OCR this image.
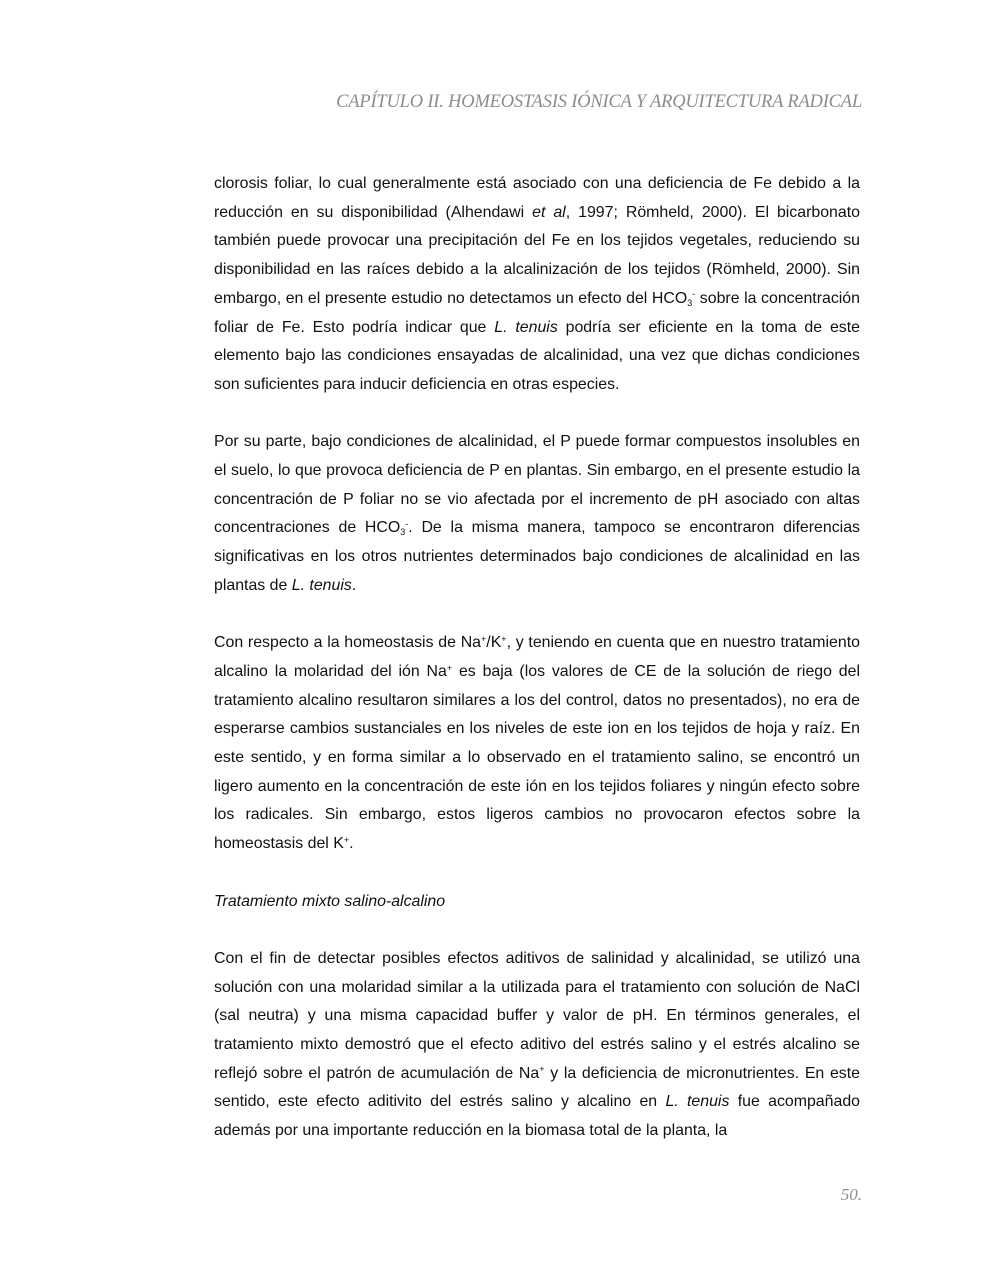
CAPÍTULO II. HOMEOSTASIS IÓNICA Y ARQUITECTURA RADICAL

clorosis foliar, lo cual generalmente está asociado con una deficiencia de Fe debido a la reducción en su disponibilidad (Alhendawi et al, 1997; Römheld, 2000). El bicarbonato también puede provocar una precipitación del Fe en los tejidos vegetales, reduciendo su disponibilidad en las raíces debido a la alcalinización de los tejidos (Römheld, 2000). Sin embargo, en el presente estudio no detectamos un efecto del $HCO_3^-$ sobre la concentración foliar de Fe. Esto podría indicar que L. tenuis podría ser eficiente en la toma de este elemento bajo las condiciones ensayadas de alcalinidad, una vez que dichas condiciones son suficientes para inducir deficiencia en otras especies.

Por su parte, bajo condiciones de alcalinidad, el P puede formar compuestos insolubles en el suelo, lo que provoca deficiencia de P en plantas. Sin embargo, en el presente estudio la concentración de P foliar no se vio afectada por el incremento de pH asociado con altas concentraciones de $HCO_3^-$. De la misma manera, tampoco se encontraron diferencias significativas en los otros nutrientes determinados bajo condiciones de alcalinidad en las plantas de L. tenuis.

Con respecto a la homeostasis de Na+/K+, y teniendo en cuenta que en nuestro tratamiento alcalino la molaridad del ión Na+ es baja (los valores de CE de la solución de riego del tratamiento alcalino resultaron similares a los del control, datos no presentados), no era de esperarse cambios sustanciales en los niveles de este ion en los tejidos de hoja y raíz. En este sentido, y en forma similar a lo observado en el tratamiento salino, se encontró un ligero aumento en la concentración de este ión en los tejidos foliares y ningún efecto sobre los radicales. Sin embargo, estos ligeros cambios no provocaron efectos sobre la homeostasis del K+.

Tratamiento mixto salino-alcalino

Con el fin de detectar posibles efectos aditivos de salinidad y alcalinidad, se utilizó una solución con una molaridad similar a la utilizada para el tratamiento con solución de NaCl (sal neutra) y una misma capacidad buffer y valor de pH. En términos generales, el tratamiento mixto demostró que el efecto aditivo del estrés salino y el estrés alcalino se reflejó sobre el patrón de acumulación de Na+ y la deficiencia de micronutrientes. En este sentido, este efecto aditivito del estrés salino y alcalino en L. tenuis fue acompañado además por una importante reducción en la biomasa total de la planta, la

50.
